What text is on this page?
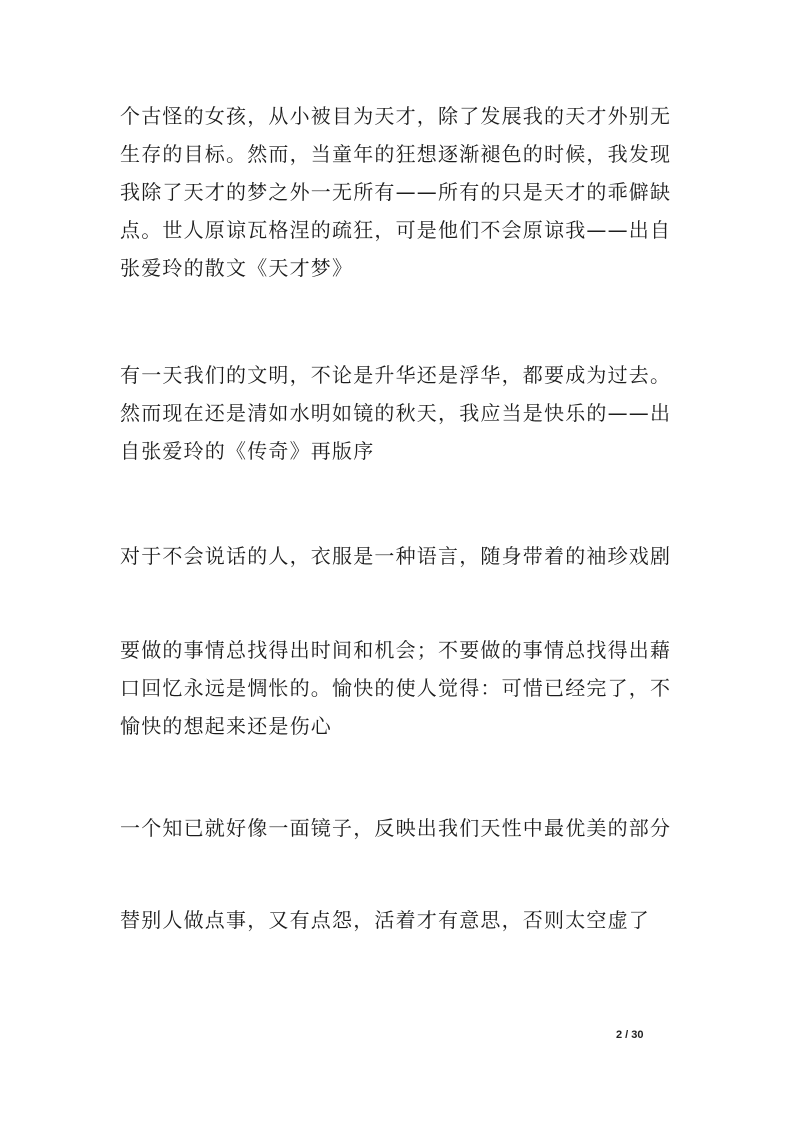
个古怪的女孩，从小被目为天才，除了发展我的天才外别无
生存的目标。然而，当童年的狂想逐渐褪色的时候，我发现
我除了天才的梦之外一无所有——所有的只是天才的乖僻缺
点。世人原谅瓦格涅的疏狂，可是他们不会原谅我——出自
张爱玲的散文《天才梦》

有一天我们的文明，不论是升华还是浮华，都要成为过去。
然而现在还是清如水明如镜的秋天，我应当是快乐的——出
自张爱玲的《传奇》再版序

对于不会说话的人，衣服是一种语言，随身带着的袖珍戏剧

要做的事情总找得出时间和机会；不要做的事情总找得出藉
口回忆永远是惆怅的。愉快的使人觉得：可惜已经完了，不
愉快的想起来还是伤心

一个知已就好像一面镜子，反映出我们天性中最优美的部分

替别人做点事，又有点怨，活着才有意思，否则太空虚了

2 / 30
